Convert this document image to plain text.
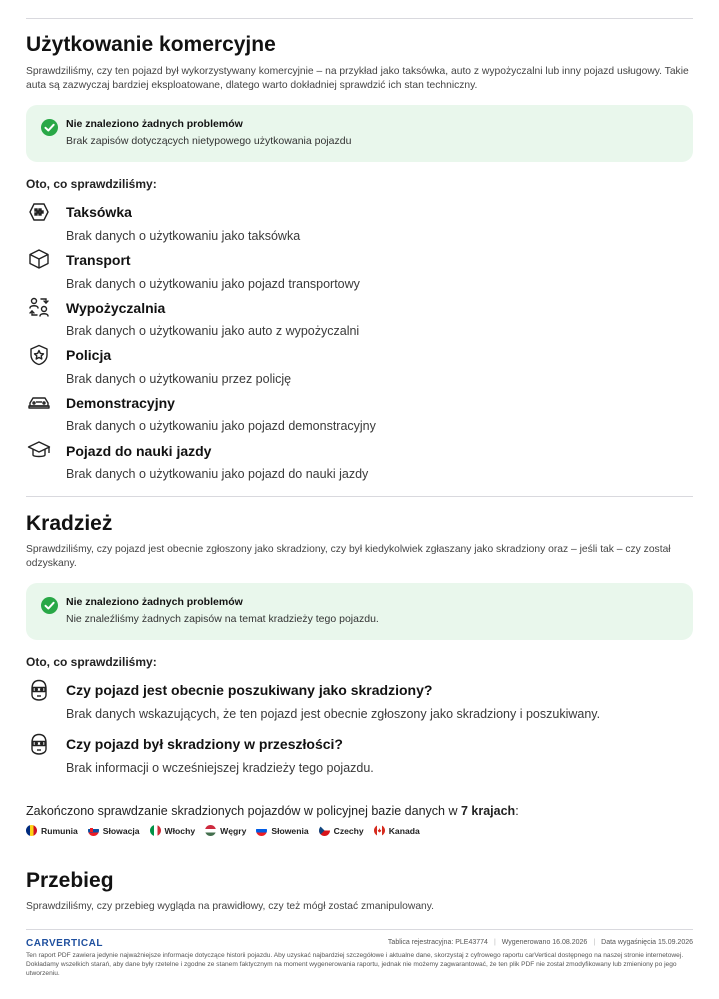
Użytkowanie komercyjne
Sprawdziliśmy, czy ten pojazd był wykorzystywany komercyjnie – na przykład jako taksówka, auto z wypożyczalni lub inny pojazd usługowy. Takie auta są zazwyczaj bardziej eksploatowane, dlatego warto dokładniej sprawdzić ich stan techniczny.
Nie znaleziono żadnych problemów
Brak zapisów dotyczących nietypowego użytkowania pojazdu
Oto, co sprawdziliśmy:
Taksówka
Brak danych o użytkowaniu jako taksówka
Transport
Brak danych o użytkowaniu jako pojazd transportowy
Wypożyczalnia
Brak danych o użytkowaniu jako auto z wypożyczalni
Policja
Brak danych o użytkowaniu przez policję
Demonstracyjny
Brak danych o użytkowaniu jako pojazd demonstracyjny
Pojazd do nauki jazdy
Brak danych o użytkowaniu jako pojazd do nauki jazdy
Kradzież
Sprawdziliśmy, czy pojazd jest obecnie zgłoszony jako skradziony, czy był kiedykolwiek zgłaszany jako skradziony oraz – jeśli tak – czy został odzyskany.
Nie znaleziono żadnych problemów
Nie znaleźliśmy żadnych zapisów na temat kradzieży tego pojazdu.
Oto, co sprawdziliśmy:
Czy pojazd jest obecnie poszukiwany jako skradziony?
Brak danych wskazujących, że ten pojazd jest obecnie zgłoszony jako skradziony i poszukiwany.
Czy pojazd był skradziony w przeszłości?
Brak informacji o wcześniejszej kradzieży tego pojazdu.
Zakończono sprawdzanie skradzionych pojazdów w policyjnej bazie danych w 7 krajach:
Rumunia	Słowacja	Włochy	Węgry	Słowenia	Czechy	Kanada
Przebieg
Sprawdziliśmy, czy przebieg wygląda na prawidłowy, czy też mógł zostać zmanipulowany.
CARVERTICAL	Tablica rejestracyjna: PLE43774 | Wygenerowano 16.08.2026 | Data wygaśnięcia 15.09.2026
Ten raport PDF zawiera jedynie najważniejsze informacje dotyczące historii pojazdu. Aby uzyskać najbardziej szczegółowe i aktualne dane, skorzystaj z cyfrowego raportu carVertical dostępnego na naszej stronie internetowej. Dokładamy wszelkich starań, aby dane były rzetelne i zgodne ze stanem faktycznym na moment wygenerowania raportu, jednak nie możemy zagwarantować, że ten plik PDF nie został zmodyfikowany lub zmieniony po jego utworzeniu.
